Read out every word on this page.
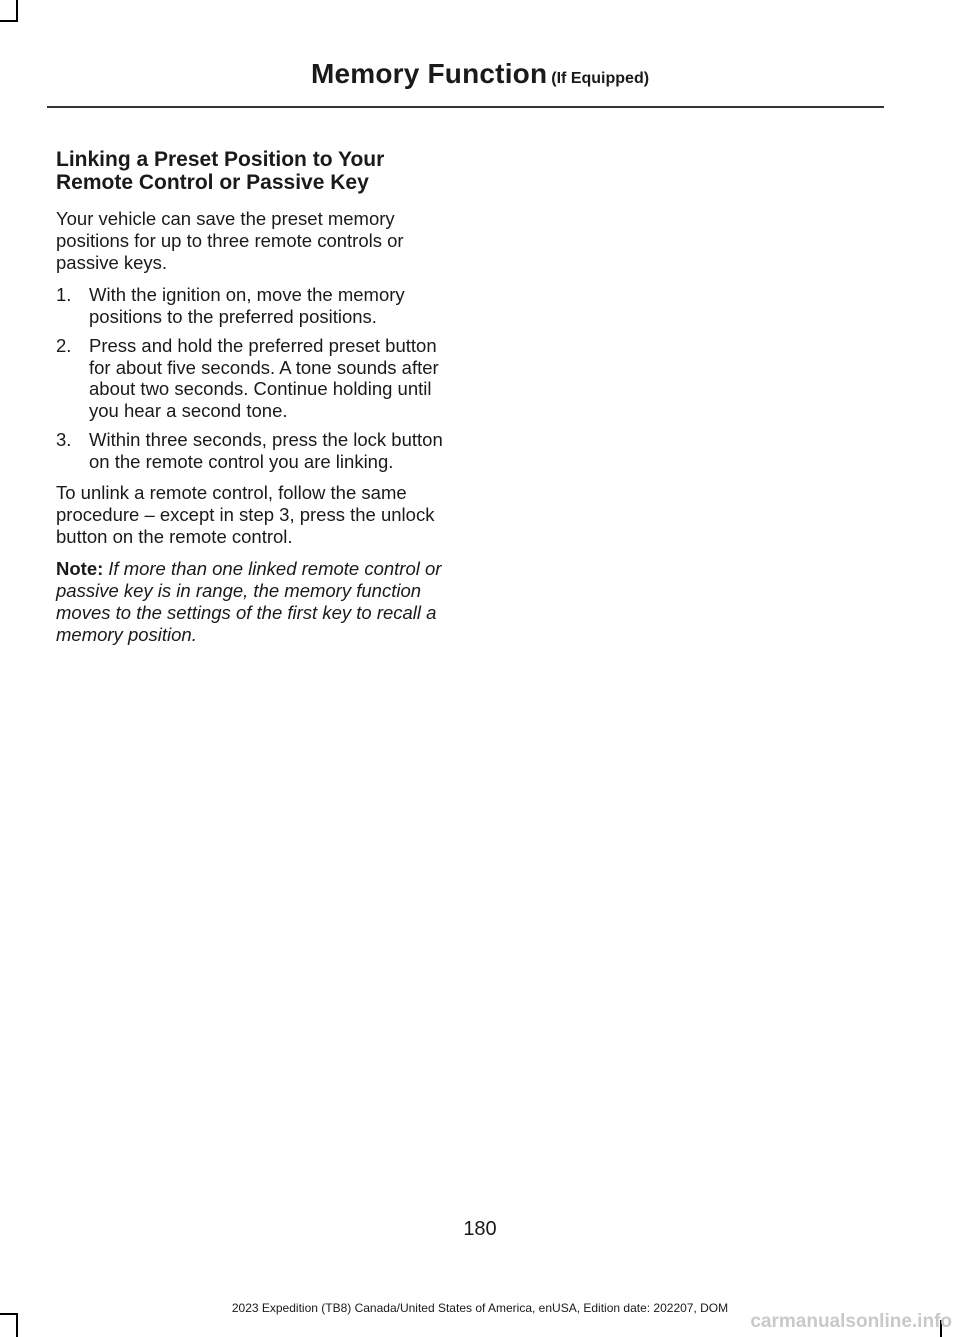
Memory Function (If Equipped)
Linking a Preset Position to Your Remote Control or Passive Key

Your vehicle can save the preset memory positions for up to three remote controls or passive keys.

1. With the ignition on, move the memory positions to the preferred positions.
2. Press and hold the preferred preset button for about five seconds. A tone sounds after about two seconds. Continue holding until you hear a second tone.
3. Within three seconds, press the lock button on the remote control you are linking.

To unlink a remote control, follow the same procedure – except in step 3, press the unlock button on the remote control.

Note: If more than one linked remote control or passive key is in range, the memory function moves to the settings of the first key to recall a memory position.

180
2023 Expedition (TB8) Canada/United States of America, enUSA, Edition date: 202207, DOM
carmanualsonline.info
